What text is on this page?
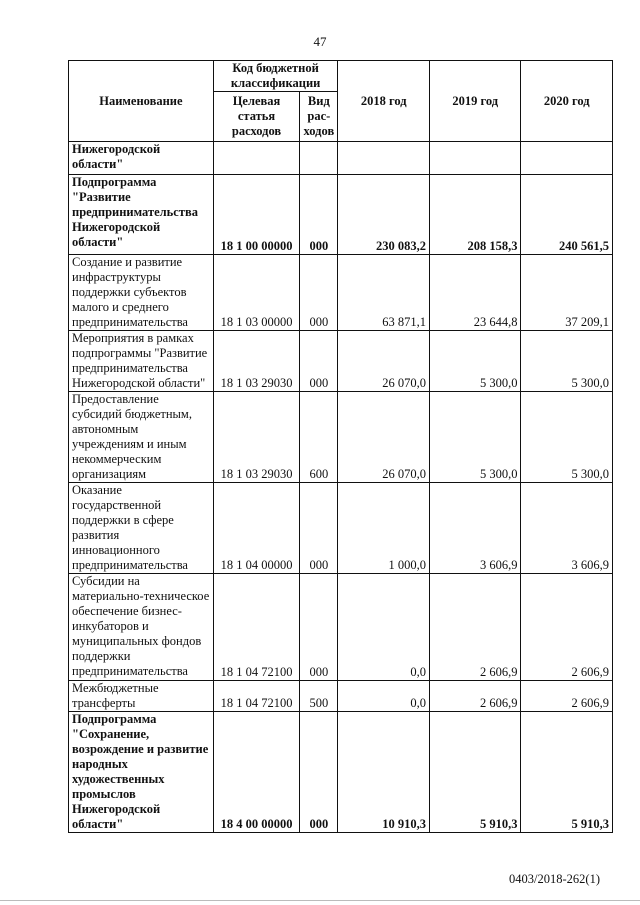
47
Наименование	Код бюджетной классификации		2018 год	2019 год	2020 год
	Целевая статья расходов	Вид рас-ходов			
Нижегородской области"					
Подпрограмма "Развитие предпринимательства Нижегородской области"	18 1 00 00000	000	230 083,2	208 158,3	240 561,5
Создание и развитие инфраструктуры поддержки субъектов малого и среднего предпринимательства	18 1 03 00000	000	63 871,1	23 644,8	37 209,1
Мероприятия в рамках подпрограммы "Развитие предпринимательства Нижегородской области"	18 1 03 29030	000	26 070,0	5 300,0	5 300,0
Предоставление субсидий бюджетным, автономным учреждениям и иным некоммерческим организациям	18 1 03 29030	600	26 070,0	5 300,0	5 300,0
Оказание государственной поддержки в сфере развития инновационного предпринимательства	18 1 04 00000	000	1 000,0	3 606,9	3 606,9
Субсидии на материально-техническое обеспечение бизнес-инкубаторов и муниципальных фондов поддержки предпринимательства	18 1 04 72100	000	0,0	2 606,9	2 606,9
Межбюджетные трансферты	18 1 04 72100	500	0,0	2 606,9	2 606,9
Подпрограмма "Сохранение, возрождение и развитие народных художественных промыслов Нижегородской области"	18 4 00 00000	000	10 910,3	5 910,3	5 910,3
0403/2018-262(1)
